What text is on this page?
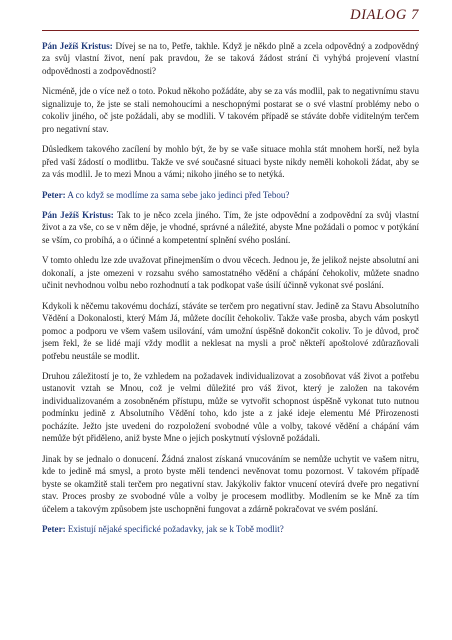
DIALOG 7

Pán Ježíš Kristus: Dívej se na to, Petře, takhle. Když je někdo plně a zcela odpovědný a zodpovědný za svůj vlastní život, není pak pravdou, že se taková žádost strání či vyhýbá projevení vlastní odpovědnosti a zodpovědnosti?

Nicméně, jde o více než o toto. Pokud někoho požádáte, aby se za vás modlil, pak to negativnímu stavu signalizuje to, že jste se stali nemohoucími a neschopnými postarat se o své vlastní problémy nebo o cokoliv jiného, oč jste požádali, aby se modlili. V takovém případě se stáváte dobře viditelným terčem pro negativní stav.

Důsledkem takového zacílení by mohlo být, že by se vaše situace mohla stát mnohem horší, než byla před vaší žádostí o modlitbu. Takže ve své současné situaci byste nikdy neměli kohokoli žádat, aby se za vás modlil. Je to mezi Mnou a vámi; nikoho jiného se to netýká.

Peter: A co když se modlíme za sama sebe jako jedinci před Tebou?

Pán Ježíš Kristus: Tak to je něco zcela jiného. Tím, že jste odpovědní a zodpovědní za svůj vlastní život a za vše, co se v něm děje, je vhodné, správné a náležité, abyste Mne požádali o pomoc v potýkání se vším, co probíhá, a o účinné a kompetentní splnění svého poslání.

V tomto ohledu lze zde uvažovat přinejmenším o dvou věcech. Jednou je, že jelikož nejste absolutní ani dokonalí, a jste omezeni v rozsahu svého samostatného vědění a chápání čehokoliv, můžete snadno učinit nevhodnou volbu nebo rozhodnutí a tak podkopat vaše úsilí účinně vykonat své poslání.

Kdykoli k něčemu takovému dochází, stáváte se terčem pro negativní stav. Jedině za Stavu Absolutního Vědění a Dokonalosti, který Mám Já, můžete docílit čehokoliv. Takže vaše prosba, abych vám poskytl pomoc a podporu ve všem vašem usilování, vám umožní úspěšně dokončit cokoliv. To je důvod, proč jsem řekl, že se lidé mají vždy modlit a neklesat na mysli a proč někteří apoštolové zdůrazňovali potřebu neustále se modlit.

Druhou záležitostí je to, že vzhledem na požadavek individualizovat a zosobňovat váš život a potřebu ustanovit vztah se Mnou, což je velmi důležité pro váš život, který je založen na takovém individualizovaném a zosobněném přístupu, může se vytvořit schopnost úspěšně vykonat tuto nutnou podmínku jedině z Absolutního Vědění toho, kdo jste a z jaké ideje elementu Mé Přirozenosti pocházíte. Ježto jste uvedeni do rozpoložení svobodné vůle a volby, takové vědění a chápání vám nemůže být přiděleno, aniž byste Mne o jejich poskytnutí výslovně požádali.

Jinak by se jednalo o donucení. Žádná znalost získaná vnucováním se nemůže uchytit ve vašem nitru, kde to jedině má smysl, a proto byste měli tendenci nevěnovat tomu pozornost. V takovém případě byste se okamžitě stali terčem pro negativní stav. Jakýkoliv faktor vnucení otevírá dveře pro negativní stav. Proces prosby ze svobodné vůle a volby je procesem modlitby. Modlením se ke Mně za tím účelem a takovým způsobem jste uschopněni fungovat a zdárně pokračovat ve svém poslání.

Peter: Existují nějaké specifické požadavky, jak se k Tobě modlit?
